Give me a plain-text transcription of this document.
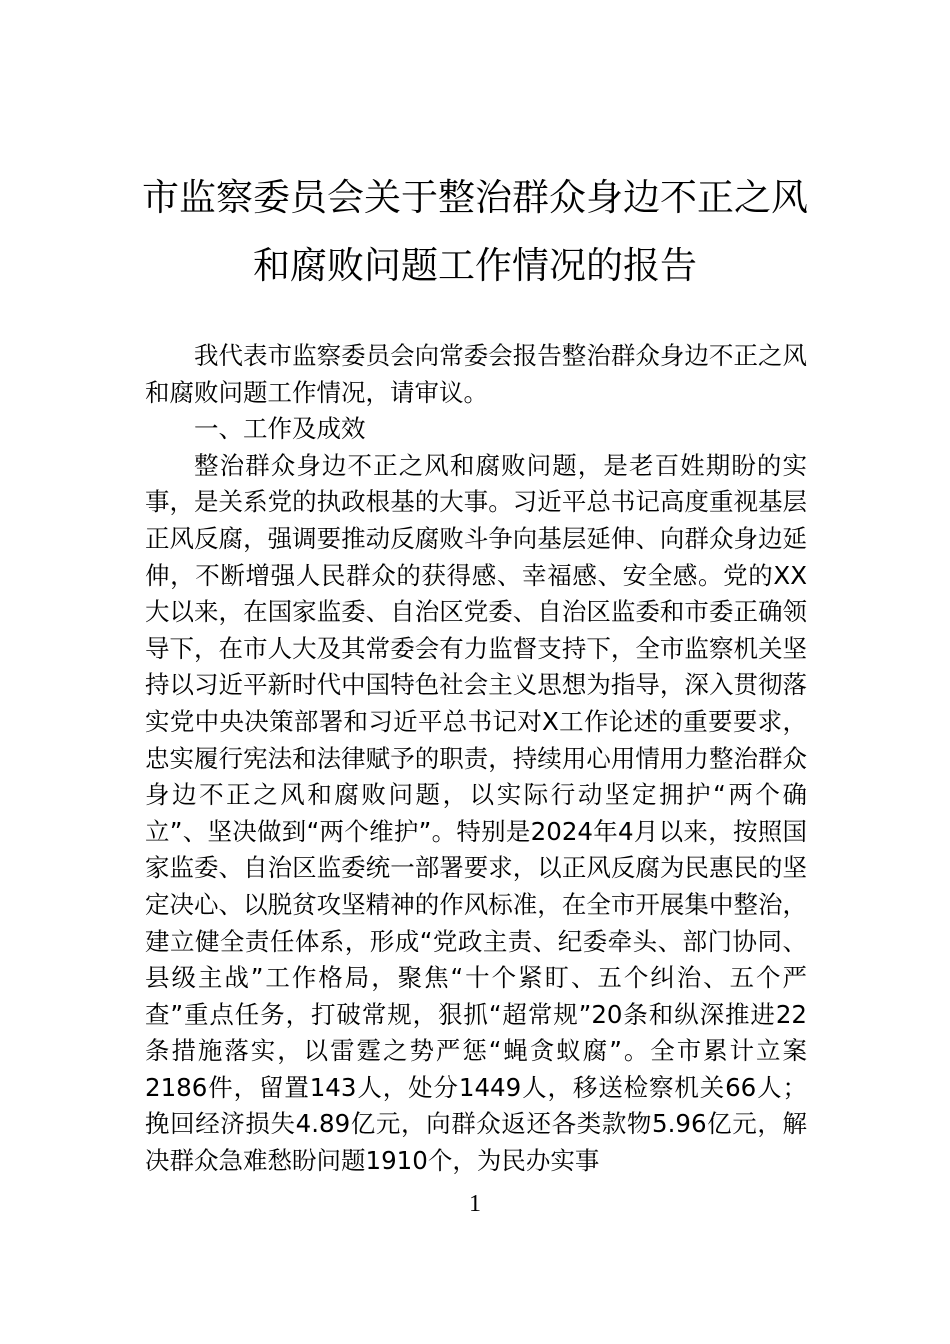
市监察委员会关于整治群众身边不正之风
和腐败问题工作情况的报告

我代表市监察委员会向常委会报告整治群众身边不正之风和腐败问题工作情况，请审议。

一、工作及成效

整治群众身边不正之风和腐败问题，是老百姓期盼的实事，是关系党的执政根基的大事。习近平总书记高度重视基层正风反腐，强调要推动反腐败斗争向基层延伸、向群众身边延伸，不断增强人民群众的获得感、幸福感、安全感。党的XX大以来，在国家监委、自治区党委、自治区监委和市委正确领导下，在市人大及其常委会有力监督支持下，全市监察机关坚持以习近平新时代中国特色社会主义思想为指导，深入贯彻落实党中央决策部署和习近平总书记对X工作论述的重要要求，忠实履行宪法和法律赋予的职责，持续用心用情用力整治群众身边不正之风和腐败问题，以实际行动坚定拥护“两个确立”、坚决做到“两个维护”。特别是2024年4月以来，按照国家监委、自治区监委统一部署要求，以正风反腐为民惠民的坚定决心、以脱贫攻坚精神的作风标准，在全市开展集中整治，建立健全责任体系，形成“党政主责、纪委牵头、部门协同、县级主战”工作格局，聚焦“十个紧盯、五个纠治、五个严查”重点任务，打破常规，狠抓“超常规”20条和纵深推进22条措施落实，以雷霆之势严惩“蝇贪蚁腐”。全市累计立案2186件，留置143人，处分1449人，移送检察机关66人；挽回经济损失4.89亿元，向群众返还各类款物5.96亿元，解决群众急难愁盼问题1910个，为民办实事

1
